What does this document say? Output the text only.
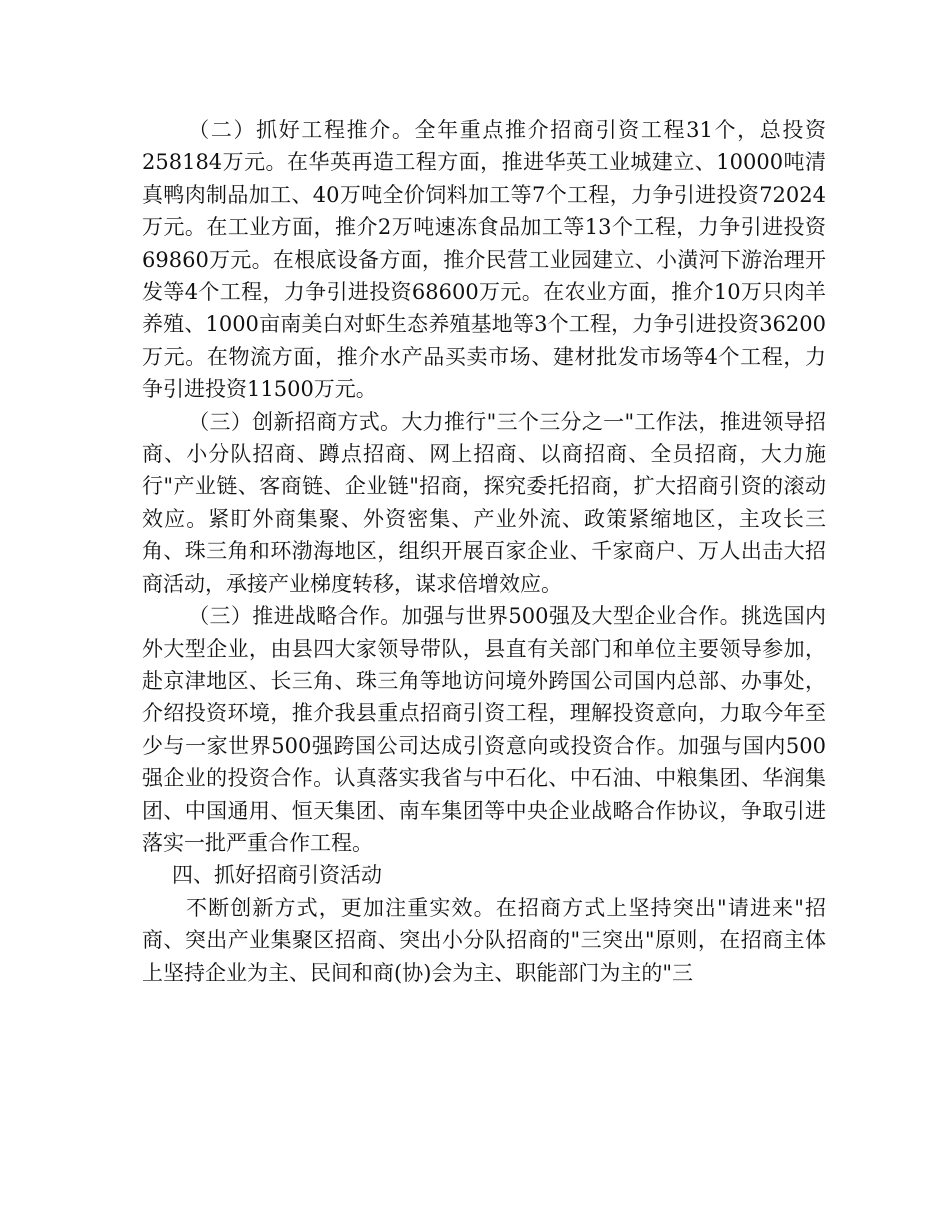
（二）抓好工程推介。全年重点推介招商引资工程31个，总投资258184万元。在华英再造工程方面，推进华英工业城建立、10000吨清真鸭肉制品加工、40万吨全价饲料加工等7个工程，力争引进投资72024万元。在工业方面，推介2万吨速冻食品加工等13个工程，力争引进投资69860万元。在根底设备方面，推介民营工业园建立、小潢河下游治理开发等4个工程，力争引进投资68600万元。在农业方面，推介10万只肉羊养殖、1000亩南美白对虾生态养殖基地等3个工程，力争引进投资36200万元。在物流方面，推介水产品买卖市场、建材批发市场等4个工程，力争引进投资11500万元。

（三）创新招商方式。大力推行"三个三分之一"工作法，推进领导招商、小分队招商、蹲点招商、网上招商、以商招商、全员招商，大力施行"产业链、客商链、企业链"招商，探究委托招商，扩大招商引资的滚动效应。紧盯外商集聚、外资密集、产业外流、政策紧缩地区，主攻长三角、珠三角和环渤海地区，组织开展百家企业、千家商户、万人出击大招商活动，承接产业梯度转移，谋求倍增效应。

（三）推进战略合作。加强与世界500强及大型企业合作。挑选国内外大型企业，由县四大家领导带队，县直有关部门和单位主要领导参加，赴京津地区、长三角、珠三角等地访问境外跨国公司国内总部、办事处，介绍投资环境，推介我县重点招商引资工程，理解投资意向，力取今年至少与一家世界500强跨国公司达成引资意向或投资合作。加强与国内500强企业的投资合作。认真落实我省与中石化、中石油、中粮集团、华润集团、中国通用、恒天集团、南车集团等中央企业战略合作协议，争取引进落实一批严重合作工程。

四、抓好招商引资活动

不断创新方式，更加注重实效。在招商方式上坚持突出"请进来"招商、突出产业集聚区招商、突出小分队招商的"三突出"原则，在招商主体上坚持企业为主、民间和商(协)会为主、职能部门为主的"三
